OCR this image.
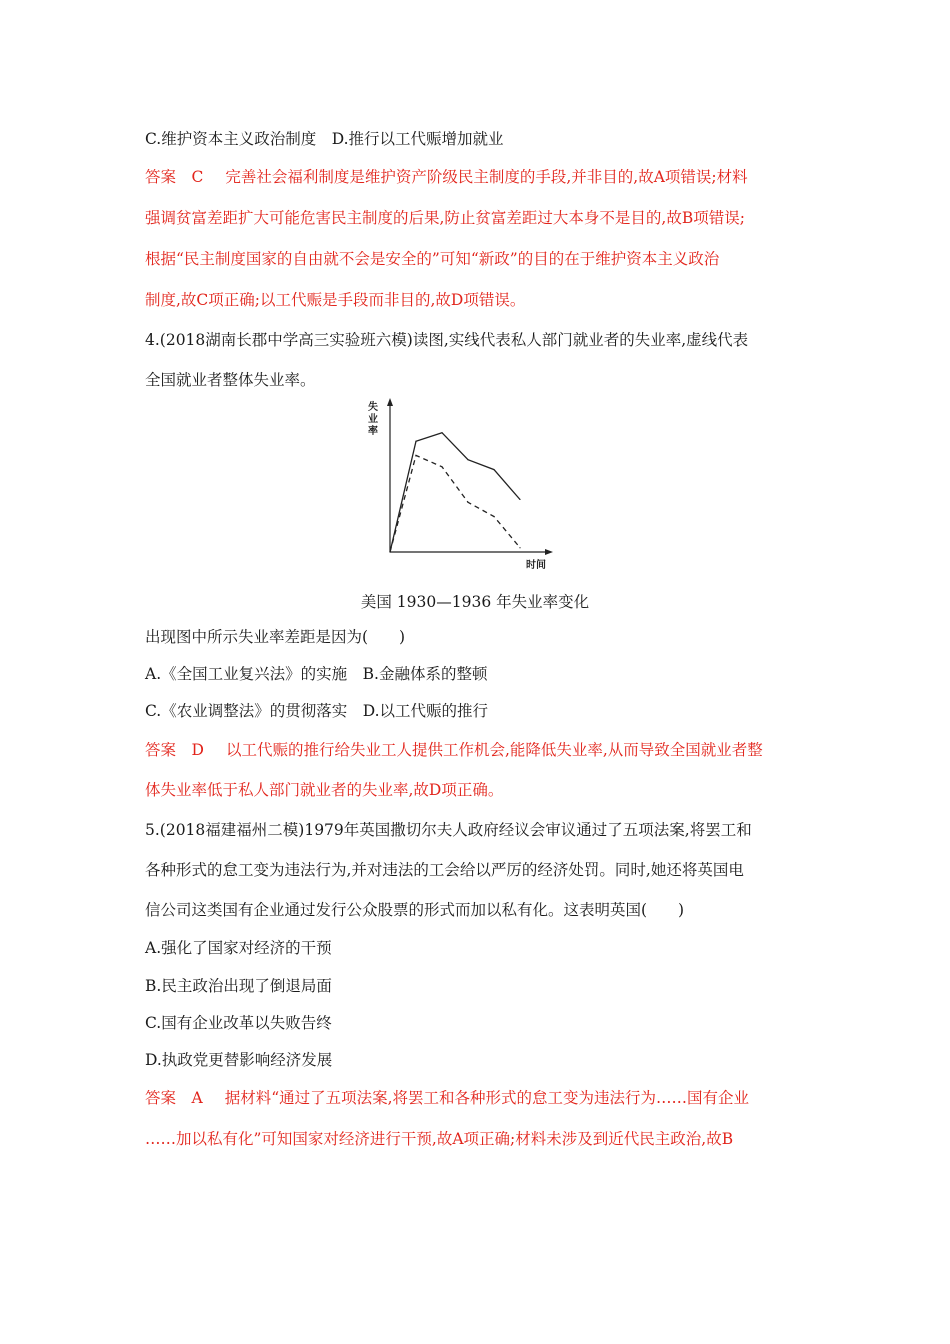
C.维护资本主义政治制度　D.推行以工代赈增加就业
答案　C 完善社会福利制度是维护资产阶级民主制度的手段,并非目的,故A项错误;材料
强调贫富差距扩大可能危害民主制度的后果,防止贫富差距过大本身不是目的,故B项错误;
根据“民主制度国家的自由就不会是安全的”可知“新政”的目的在于维护资本主义政治
制度,故C项正确;以工代赈是手段而非目的,故D项错误。
4.(2018湖南长郡中学高三实验班六模)读图,实线代表私人部门就业者的失业率,虚线代表
全国就业者整体失业率。
失
业
率
时间
美国 1930—1936 年失业率变化
出现图中所示失业率差距是因为(　　)
A.《全国工业复兴法》的实施　B.金融体系的整顿
C.《农业调整法》的贯彻落实　D.以工代赈的推行
答案　D 以工代赈的推行给失业工人提供工作机会,能降低失业率,从而导致全国就业者整
体失业率低于私人部门就业者的失业率,故D项正确。
5.(2018福建福州二模)1979年英国撒切尔夫人政府经议会审议通过了五项法案,将罢工和
各种形式的怠工变为违法行为,并对违法的工会给以严厉的经济处罚。同时,她还将英国电
信公司这类国有企业通过发行公众股票的形式而加以私有化。这表明英国(　　)
A.强化了国家对经济的干预
B.民主政治出现了倒退局面
C.国有企业改革以失败告终
D.执政党更替影响经济发展
答案　A 据材料“通过了五项法案,将罢工和各种形式的怠工变为违法行为……国有企业
……加以私有化”可知国家对经济进行干预,故A项正确;材料未涉及到近代民主政治,故B
